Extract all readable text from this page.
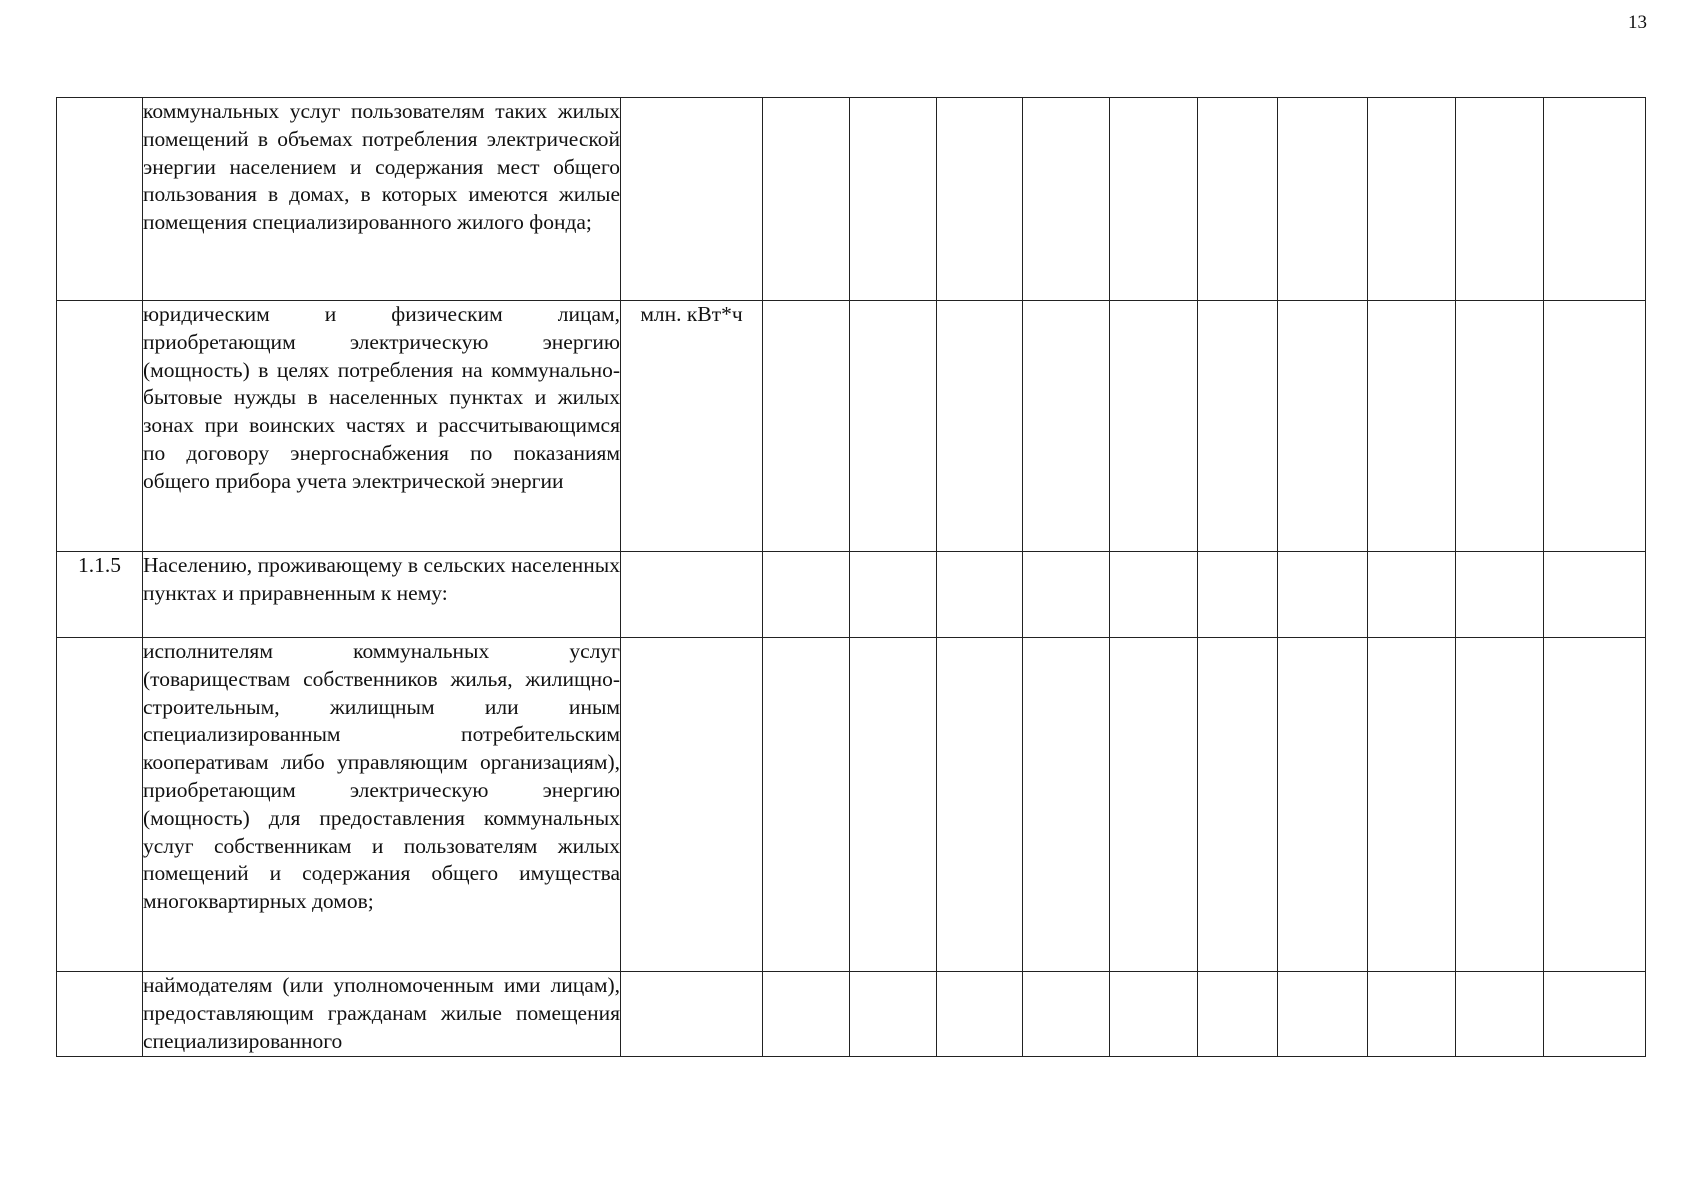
13

	коммунальных услуг пользователям таких жилых помещений в объемах потребления электрической энергии населением и содержания мест общего пользования в домах, в которых имеются жилые помещения специализированного жилого фонда;											

	юридическим и физическим лицам, приобретающим электрическую энергию (мощность) в целях потребления на коммунально-бытовые нужды в населенных пунктах и жилых зонах при воинских частях и рассчитывающимся по договору энергоснабжения по показаниям общего прибора учета электрической энергии	млн. кВт*ч										
1.1.5	Населению, проживающему в сельских населенных пунктах и приравненным к нему:											

	исполнителям коммунальных услуг (товариществам собственников жилья, жилищно-строительным, жилищным или иным специализированным потребительским кооперативам либо управляющим организациям), приобретающим электрическую энергию (мощность) для предоставления коммунальных услуг собственникам и пользователям жилых помещений и содержания общего имущества многоквартирных домов;											

	наймодателям (или уполномоченным ими лицам), предоставляющим гражданам жилые помещения специализированного											
